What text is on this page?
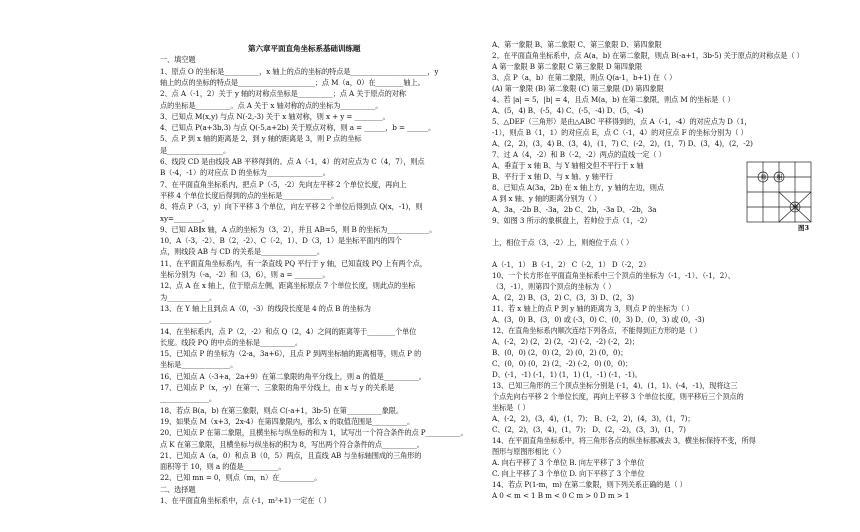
第六章平面直角坐标系基础训练题
一、填空题
1、原点 O 的坐标是__________，x 轴上的点的坐标的特点是______________________，y
轴上的点的坐标的特点是______________________；点 M（a，0）在________轴上。
2、点 A（-1，2）关于 y 轴的对称点坐标是__________；点 A 关于原点的对称
点的坐标是__________。点 A 关于 x 轴对称的点的坐标为__________。
3、已知点 M(x,y) 与点 N(-2,-3) 关于 x 轴对称，则 x + y = ________。
4、已知点 P(a+3b,3) 与点 Q(-5,a+2b) 关于原点对称，则 a = ______，b = ______。
5、点 P 到 x 轴的距离是 2，到 y 轴的距离是 3，则 P 点的坐标
是________________。
6、线段 CD 是由线段 AB 平移得到的。点 A（-1，4）的对应点为 C（4，7），则点
B（-4，-1）的对应点 D 的坐标为________________。
7、在平面直角坐标系内，把点 P（-5，-2）先向左平移 2 个单位长度，再向上
平移 4 个单位长度后得到的点的坐标是______________。
8、将点 P（-3，y）向下平移 3 个单位，向左平移 2 个单位后得到点 Q(x，-1)，则
xy=________。
9、已知 AB∥x 轴，A 点的坐标为（3，2），并且 AB=5，则 B 的坐标为____________。
10、A（-3，-2）、B（2，-2）、C（-2，1）、D（3，1）是坐标平面内的四个
点，则线段 AB 与 CD 的关系是________________。
11、在平面直角坐标系内，有一条直线 PQ 平行于 y 轴，已知直线 PQ 上有两个点，
坐标分别为（-a，-2）和（3，6），则 a = ________。
12、点 A 在 x 轴上，位于原点左侧，距离坐标原点 7 个单位长度，则此点的坐标
为____________。
13、在 Y 轴上且到点 A（0，-3）的线段长度是 4 的点 B 的坐标为
______________。
14、在坐标系内，点 P（2，-2）和点 Q（2，4）之间的距离等于________个单位
长度。线段 PQ 的中点的坐标是__________。
15、已知点 P 的坐标为（2-a，3a+6），且点 P 到两坐标轴的距离相等，则点 P 的
坐标是______________。
16、已知点 A（-3+a，2a+9）在第二象限的角平分线上，则 a 的值是__________。
17、已知点 P（x，-y）在第一、三象限的角平分线上，由 x 与 y 的关系是
______________。
18、若点 B(a，b) 在第三象限，则点 C(-a+1，3b-5) 在第__________象限。
19、如果点 M（x+3，2x-4）在第四象限内，那么 x 的取值范围是__________。
20、已知点 P 在第二象限，且横坐标与纵坐标的和为 1，试写出一个符合条件的点 P__________。
点 K 在第三象限，且横坐标与纵坐标的积为 8，写出两个符合条件的点__________。
21、已知点 A（a，0）和点 B（0，5）两点，且直线 AB 与坐标轴围成的三角形的
面积等于 10，则 a 的值是__________。
22、已知 mn = 0，则点（m，n）在__________。
二、选择题
1、在平面直角坐标系中，点 (-1，m²+1) 一定在（ ）
A、第一象限 B、第二象限 C、第三象限 D、第四象限
2、在平面直角坐标系中，点 A(a，b) 在第二象限，则点 B(-a+1，3b-5) 关于原点的对称点是（ ）
A 第一象限 B 第二象限 C 第三象限 D 第四象限
3、点 P（a，b）在第二象限，则点 Q(a-1，b+1) 在（ ）
(A) 第一象限 (B) 第二象限 (C) 第三象限 (D) 第四象限
4、若 |a| = 5，|b| = 4，且点 M(a，b) 在第二象限，则点 M 的坐标是（ ）
A、(5，4) B、(-5，4) C、(-5，-4) D、(5，-4)
5、△DEF（三角形）是由△ABC 平移得到的，点 A（-1，-4）的对应点为 D（1，
-1），则点 B（1，1）的对应点 E，点 C（-1，4）的对应点 F 的坐标分别为（ ）
A、(2，2)，(3，4) B、(3，4)，(1，7) C、(-2，2)，(1，7) D、(3，4)，(2，-2)
7、过 A（4，-2）和 B（-2，-2）两点的直线一定（ ）
A、垂直于 x 轴 B、与 Y 轴相交但不平行于 x 轴
B、平行于 x 轴 D、与 x 轴、y 轴平行
8、已知点 A(3a，2b) 在 x 轴上方，y 轴的左边，则点
A 到 x 轴、y 轴的距离分别为（ ）
A、3a，-2b B、-3a，2b C、2b，-3a D、-2b，3a
9、如图 3 所示的象棋盘上，若帅位于点（1，-2）
上，相位于点（3，-2）上，则炮位于点（ ）
A（-1，1） B（-1，2） C（-2，1） D（-2，2）
10、一个长方形在平面直角坐标系中三个顶点的坐标为（-1，-1）、（-1，2）、
（3，-1），则第四个顶点的坐标为（ ）
A、(2，2) B、(3，2) C、(3，3) D、(2，3)
11、若 x 轴上的点 P 到 y 轴的距离为 3，则点 P 的坐标为（ ）
A、(3，0) B、(3，0) 或 (-3，0) C、(0，3) D、(0，3) 或 (0，-3)
12、在直角坐标系内顺次连结下列各点，不能得到正方形的是（ ）
A、(-2，2) (2，2) (2，-2) (-2，-2) (-2，2)；
B、(0，0) (2，0) (2，2) (0，2) (0，0)；
C、(0，0) (0，2) (2，-2) (-2，0) (0，0)；
D、(-1，-1) (-1，1) (1，1) (1，-1) (-1，-1)。
13、已知三角形的三个顶点坐标分别是 (-1，4)、(1，1)、(-4，-1)，现将这三
个点先向右平移 2 个单位长度，再向上平移 3 个单位长度，则平移后三个顶点的
坐标是（ ）
A、(-2，2)，(3，4)，(1，7)； B、(-2，2)，(4，3)，(1，7)；
C、(2，2)，(3，4)，(1，7)； D、(2，-2)，(3，3)，(1，7)
14、在平面直角坐标系中，将三角形各点的纵坐标都减去 3，横坐标保持不变，所得
图形与原图形相比（ ）
A. 向右平移了 3 个单位 B. 向左平移了 3 个单位
C. 向上平移了 3 个单位 D. 向下平移了 3 个单位
14、若点 P(1-m，m) 在第二象限，则下列关系正确的是（ ）
A 0 < m < 1 B m < 0 C m > 0 D m > 1
帅 相
炮
图3
